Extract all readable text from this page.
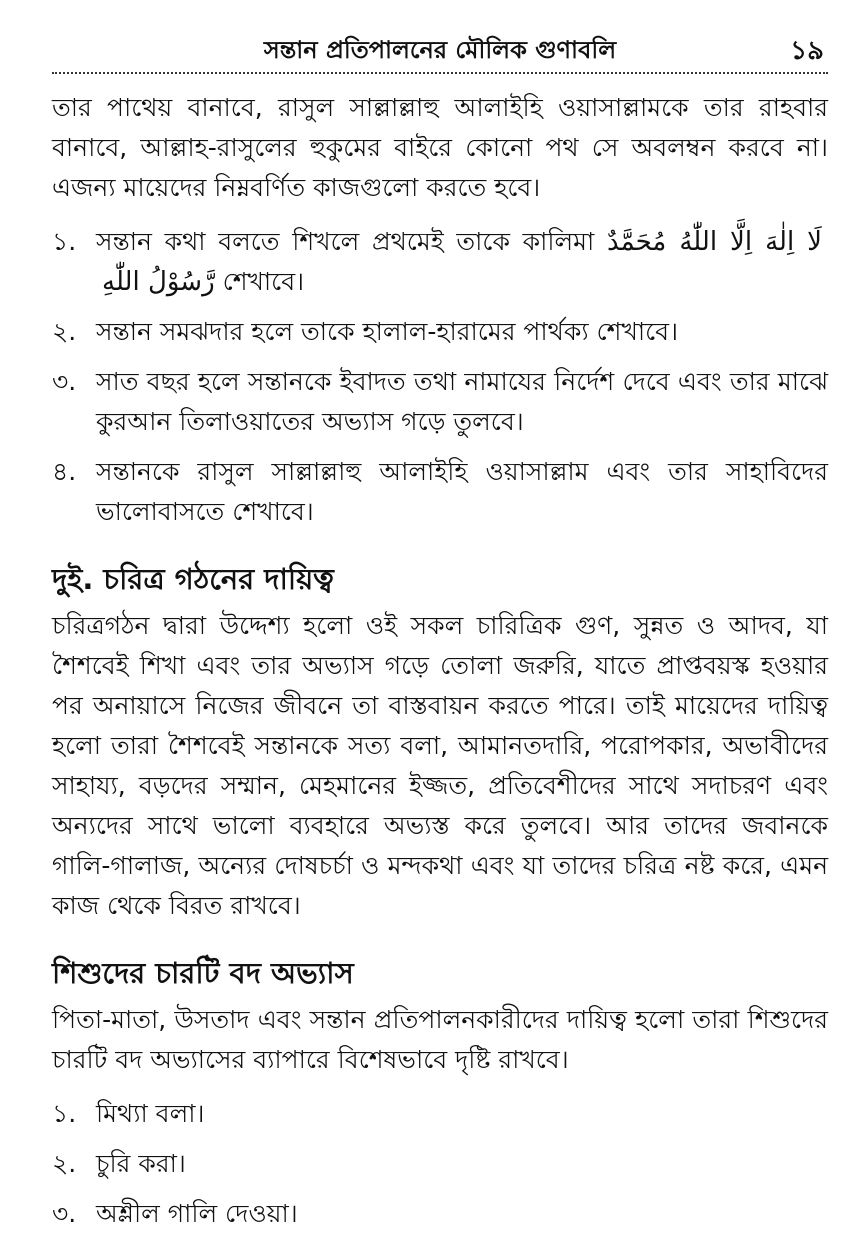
সন্তান প্রতিপালনের মৌলিক গুণাবলি	১৯

তার পাথেয় বানাবে, রাসুল সাল্লাল্লাহু আলাইহি ওয়াসাল্লামকে তার রাহবার বানাবে, আল্লাহ-রাসুলের হুকুমের বাইরে কোনো পথ সে অবলম্বন করবে না। এজন্য মায়েদের নিম্নবর্ণিত কাজগুলো করতে হবে।

১. সন্তান কথা বলতে শিখলে প্রথমেই তাকে কালিমা لَا اِلٰهَ اِلَّا اللّٰهُ مُحَمَّدٌ رَّسُوْلُ اللّٰهِ শেখাবে।
২. সন্তান সমঝদার হলে তাকে হালাল-হারামের পার্থক্য শেখাবে।
৩. সাত বছর হলে সন্তানকে ইবাদত তথা নামাযের নির্দেশ দেবে এবং তার মাঝে কুরআন তিলাওয়াতের অভ্যাস গড়ে তুলবে।
৪. সন্তানকে রাসুল সাল্লাল্লাহু আলাইহি ওয়াসাল্লাম এবং তার সাহাবিদের ভালোবাসতে শেখাবে।
দুই. চরিত্র গঠনের দায়িত্ব

চরিত্রগঠন দ্বারা উদ্দেশ্য হলো ওই সকল চারিত্রিক গুণ, সুন্নত ও আদব, যা শৈশবেই শিখা এবং তার অভ্যাস গড়ে তোলা জরুরি, যাতে প্রাপ্তবয়স্ক হওয়ার পর অনায়াসে নিজের জীবনে তা বাস্তবায়ন করতে পারে। তাই মায়েদের দায়িত্ব হলো তারা শৈশবেই সন্তানকে সত্য বলা, আমানতদারি, পরোপকার, অভাবীদের সাহায্য, বড়দের সম্মান, মেহমানের ইজ্জত, প্রতিবেশীদের সাথে সদাচরণ এবং অন্যদের সাথে ভালো ব্যবহারে অভ্যস্ত করে তুলবে। আর তাদের জবানকে গালি-গালাজ, অন্যের দোষচর্চা ও মন্দকথা এবং যা তাদের চরিত্র নষ্ট করে, এমন কাজ থেকে বিরত রাখবে।

শিশুদের চারটি বদ অভ্যাস

পিতা-মাতা, উসতাদ এবং সন্তান প্রতিপালনকারীদের দায়িত্ব হলো তারা শিশুদের চারটি বদ অভ্যাসের ব্যাপারে বিশেষভাবে দৃষ্টি রাখবে।

১. মিথ্যা বলা।
২. চুরি করা।
৩. অশ্লীল গালি দেওয়া।
